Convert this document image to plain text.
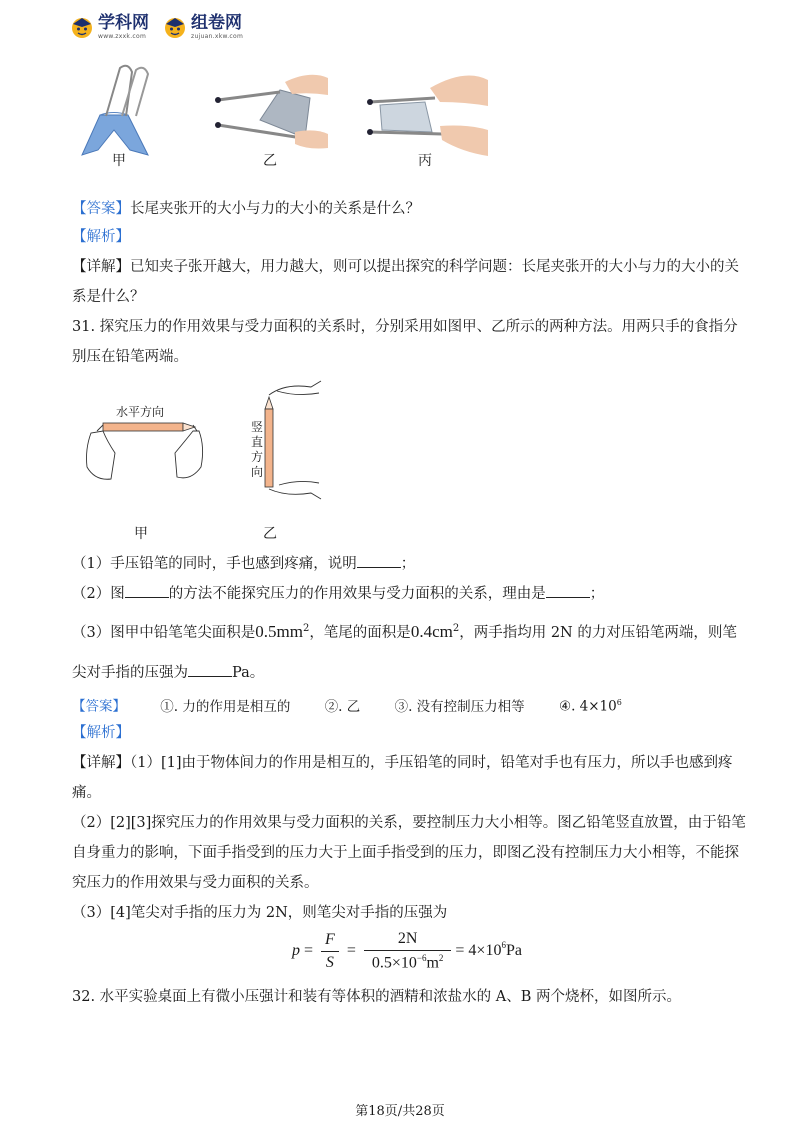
学科网
www.zxxk.com
组卷网
zujuan.xkw.com
甲	乙	丙
【答案】长尾夹张开的大小与力的大小的关系是什么？
【解析】
【详解】已知夹子张开越大，用力越大，则可以提出探究的科学问题：长尾夹张开的大小与力的大小的关
系是什么？
31. 探究压力的作用效果与受力面积的关系时，分别采用如图甲、乙所示的两种方法。用两只手的食指分
别压在铅笔两端。
水平方向
竖
直
方
向
甲	乙
（1）手压铅笔的同时，手也感到疼痛，说明	；
（2）图	的方法不能探究压力的作用效果与受力面积的关系，理由是	；
（3）图甲中铅笔笔尖面积是$0.5mm^2$，笔尾的面积是$0.4cm^2$，两手指均用 2N 的力对压铅笔两端，则笔
尖对手指的压强为	Pa。
【答案】	①. 力的作用是相互的	②. 乙	③. 没有控制压力相等	④. $4\times 10^6$
【解析】
【详解】（1）[1]由于物体间力的作用是相互的，手压铅笔的同时，铅笔对手也有压力，所以手也感到疼
痛。
（2）[2][3]探究压力的作用效果与受力面积的关系，要控制压力大小相等。图乙铅笔竖直放置，由于铅笔
自身重力的影响，下面手指受到的压力大于上面手指受到的压力，即图乙没有控制压力大小相等，不能探
究压力的作用效果与受力面积的关系。
（3）[4]笔尖对手指的压力为 2N，则笔尖对手指的压强为
$p = \frac{F}{S} = \frac{2N}{0.5\times 10^{-6}m^2} = 4\times 10^6$ Pa
32. 水平实验桌面上有微小压强计和装有等体积的酒精和浓盐水的 A、B 两个烧杯，如图所示。
第18页/共28页
